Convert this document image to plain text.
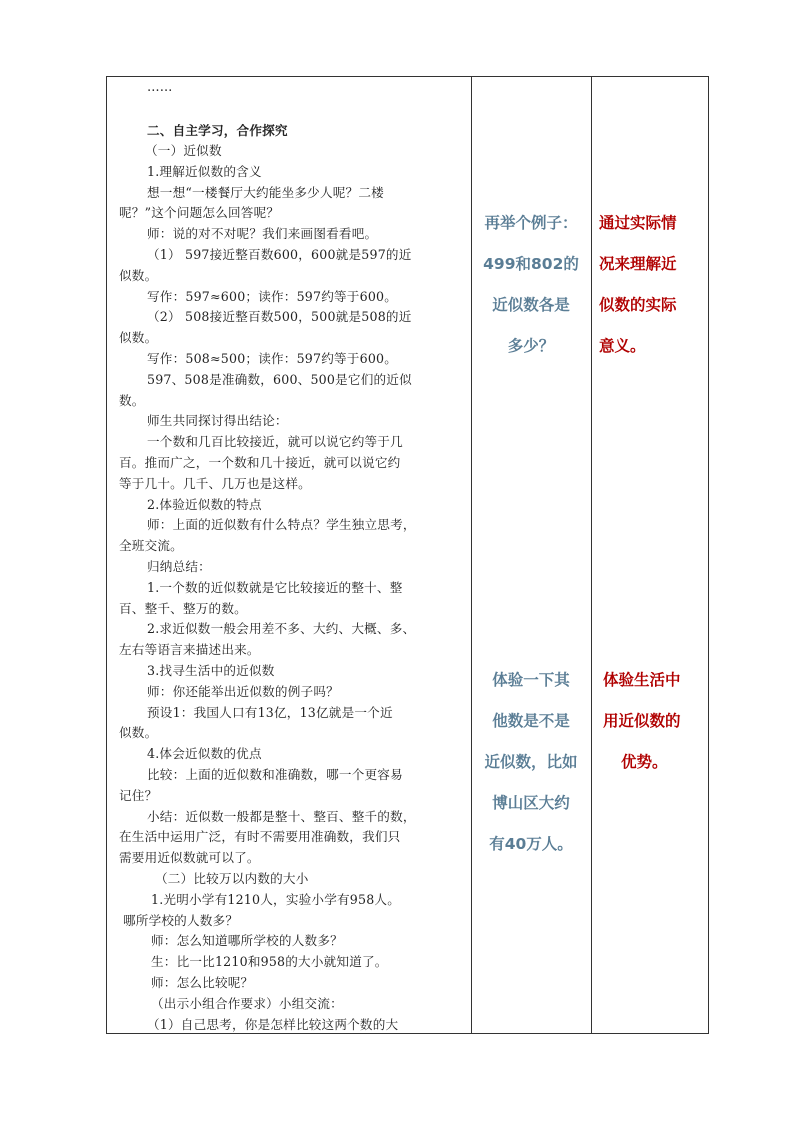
……
二、自主学习，合作探究
（一）近似数
1.理解近似数的含义
想一想“一楼餐厅大约能坐多少人呢？二楼
呢？”这个问题怎么回答呢？
师：说的对不对呢？我们来画图看看吧。
（1） 597接近整百数600，600就是597的近
似数。
写作：597≈600；读作：597约等于600。
（2） 508接近整百数500，500就是508的近
似数。
写作：508≈500；读作：597约等于600。
597、508是准确数，600、500是它们的近似
数。
师生共同探讨得出结论：
一个数和几百比较接近，就可以说它约等于几
百。推而广之，一个数和几十接近，就可以说它约
等于几十。几千、几万也是这样。
2.体验近似数的特点
师：上面的近似数有什么特点？学生独立思考，
全班交流。
归纳总结：
1.一个数的近似数就是它比较接近的整十、整
百、整千、整万的数。
2.求近似数一般会用差不多、大约、大概、多、
左右等语言来描述出来。
3.找寻生活中的近似数
师：你还能举出近似数的例子吗？
预设1：我国人口有13亿，13亿就是一个近
似数。
4.体会近似数的优点
比较：上面的近似数和准确数，哪一个更容易
记住？
小结：近似数一般都是整十、整百、整千的数，
在生活中运用广泛，有时不需要用准确数，我们只
需要用近似数就可以了。
（二）比较万以内数的大小
1.光明小学有1210人，实验小学有958人。
哪所学校的人数多？
师：怎么知道哪所学校的人数多？
生：比一比1210和958的大小就知道了。
师：怎么比较呢？
（出示小组合作要求）小组交流：
（1）自己思考，你是怎样比较这两个数的大
再举个例子：
499和802的
近似数各是
多少？
体验一下其
他数是不是
近似数，比如
博山区大约
有40万人。
通过实际情
况来理解近
似数的实际
意义。
体验生活中
用近似数的
优势。
